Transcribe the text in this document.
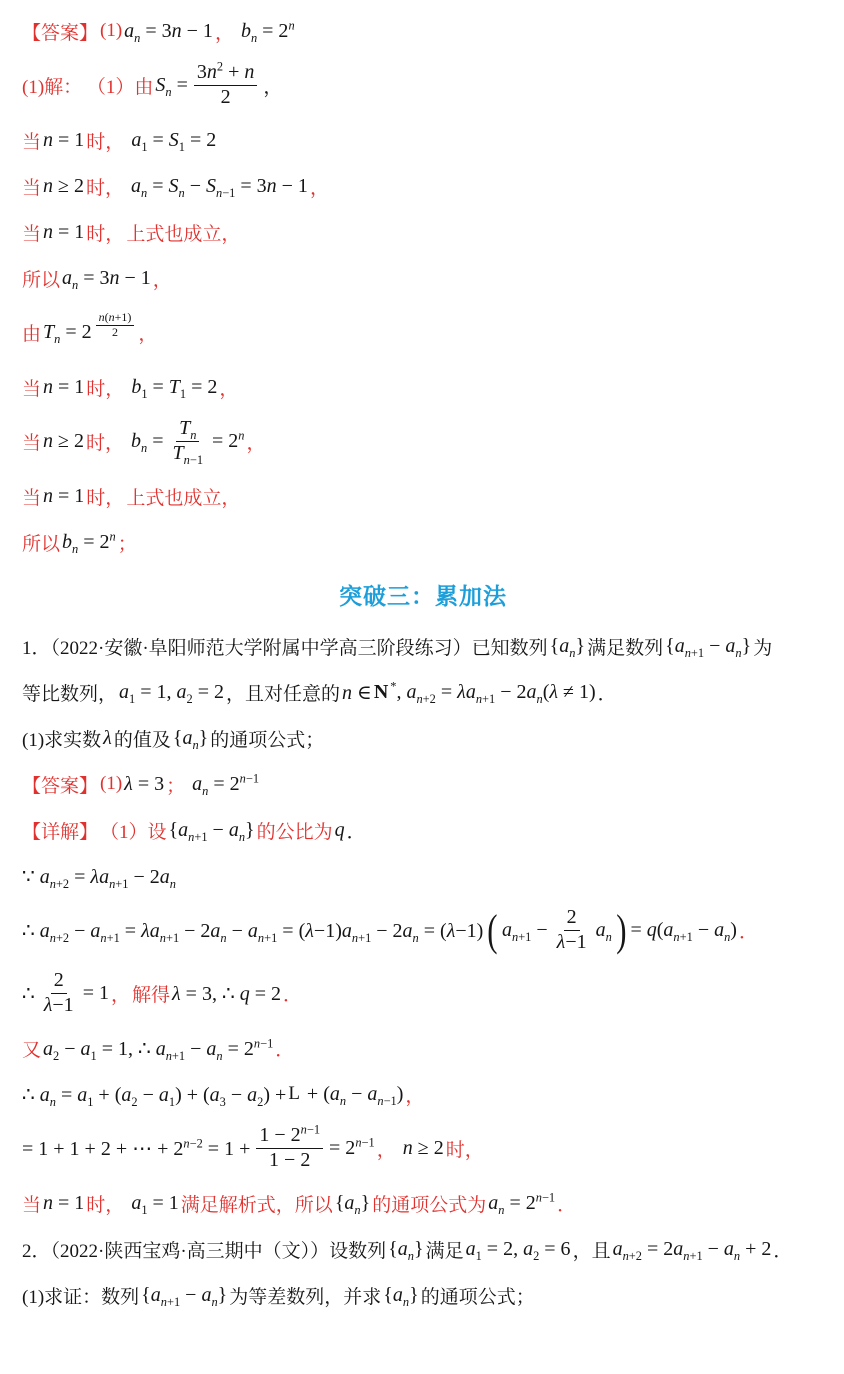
【答案】 (1) $a_n = 3n - 1$ ， $b_n = 2^n$
(1)解： （1）由 $S_n = \frac{3n^2 + n}{2}$ ，
当 n = 1 时， $a_1 = S_1 = 2$
当 n ≥ 2 时， $a_n = S_n - S_{n-1} = 3n - 1$ ，
当 n = 1 时， 上式也成立，
所以 $a_n = 3n - 1$ ，
由 $T_n = 2 \frac{n(n+1)}{2}$ ，
当 n = 1 时， $b_1 = T_1 = 2$ ，
当 n ≥ 2 时， $b_n = \frac{T_n}{T_{n-1}} = 2^n$ ，
当 n = 1 时， 上式也成立，
所以 $b_n = 2^n$ ；
突破三：累加法
1．（2022·安徽·阜阳师范大学附属中学高三阶段练习）已知数列 $\{a_n\}$ 满足数列 $\{a_{n+1} - a_n\}$ 为
等比数列， $a_1 = 1$, $a_2 = 2$ ，且对任意的 n ∈ N *, $a_{n+2} = \lambda a_{n+1} - 2a_n(\lambda \ne 1)$ ．
(1)求实数 λ 的值及 $\{a_n\}$ 的通项公式；
【答案】 (1) λ = 3 ； $a_n = 2^{n-1}$
【详解】 （1）设 $\{a_{n+1} - a_n\}$ 的公比为 q ．
∵ $a_{n+2} = \lambda a_{n+1} - 2a_n$
∴ $a_{n+2} - a_{n+1} = \lambda a_{n+1} - 2a_n - a_{n+1} = (\lambda-1)a_{n+1} - 2a_n = (\lambda-1)$ ( $a_{n+1} - \frac{2}{\lambda-1} a_n$ ) = $q(a_{n+1} - a_n)$ ．
∴ $\frac{2}{\lambda-1} = 1$ ， 解得 λ = 3, ∴ q = 2 ．
又 $a_2 - a_1 = 1$, ∴ $a_{n+1} - a_n = 2^{n-1}$ ．
∴ $a_n = a_1 + (a_2 - a_1) + (a_3 - a_2) + L + (a_n - a_{n-1})$ ，
= 1 + 1 + 2 + ⋯ + $2^{n-2} = 1 + \frac{1 - 2^{n-1}}{1 - 2} = 2^{n-1}$ ， n ≥ 2 时，
当 n = 1 时， $a_1 = 1$ 满足解析式，所以 $\{a_n\}$ 的通项公式为 $a_n = 2^{n-1}$ ．
2．（2022·陕西宝鸡·高三期中（文））设数列 $\{a_n\}$ 满足 $a_1 = 2$, $a_2 = 6$ ，且 $a_{n+2} = 2a_{n+1} - a_n + 2$ ．
(1)求证：数列 $\{a_{n+1} - a_n\}$ 为等差数列，并求 $\{a_n\}$ 的通项公式；
